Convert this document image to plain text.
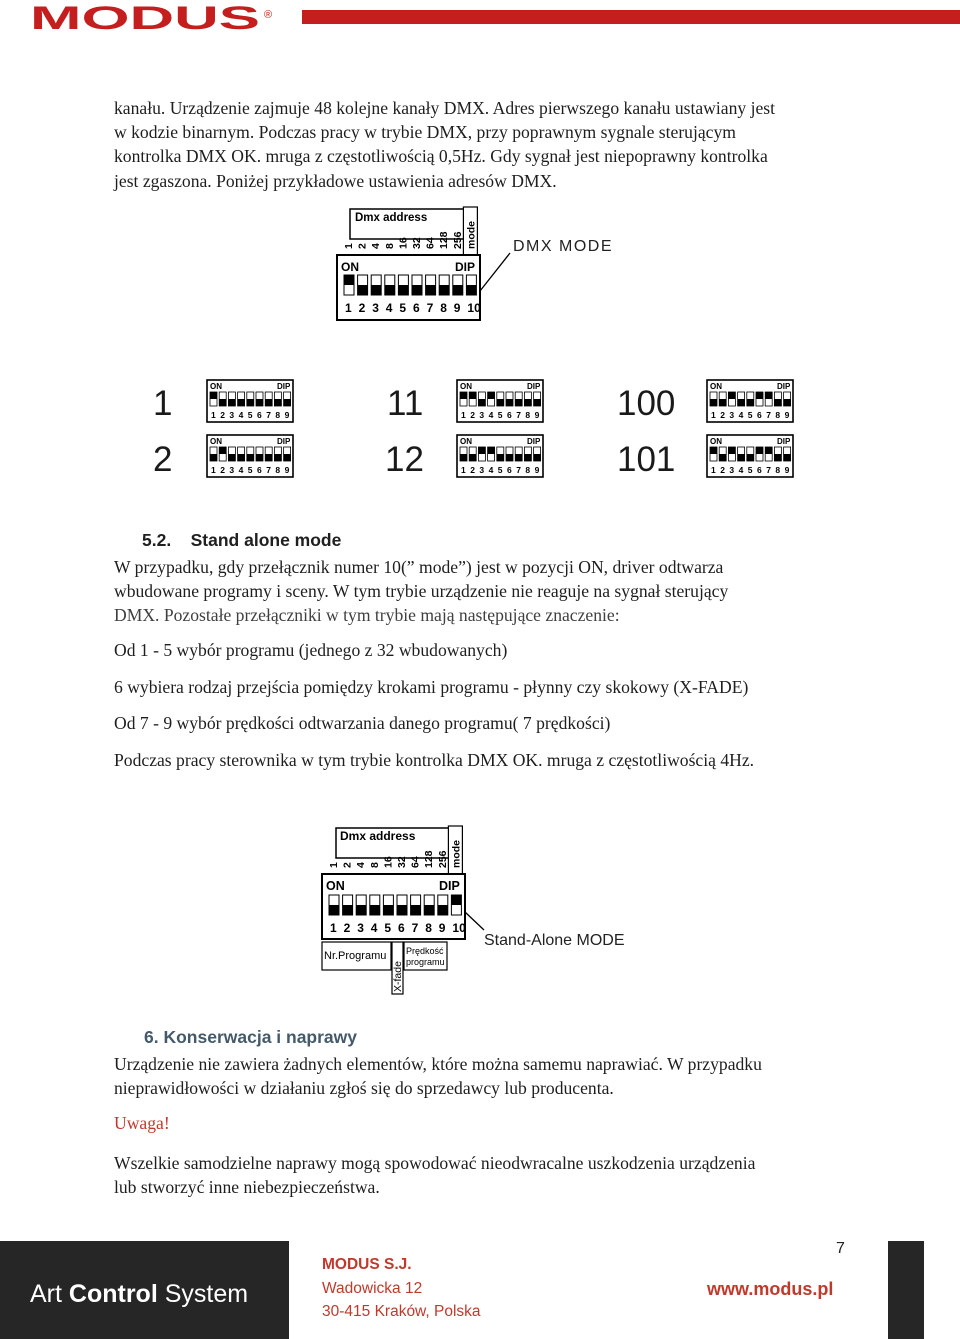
MODUS ®
kanału. Urządzenie zajmuje 48 kolejne kanały DMX. Adres pierwszego kanału ustawiany jest
w kodzie binarnym. Podczas pracy w trybie DMX, przy poprawnym sygnale sterującym
kontrolka DMX OK. mruga z częstotliwością 0,5Hz. Gdy sygnał jest niepoprawny kontrolka
jest zgaszona. Poniżej przykładowe ustawienia adresów DMX.
Dmx address
1 2 4 8 16 32 64 128 256 mode
ON	DIP
1 2 3 4 5 6 7 8 9 10
DMX MODE
1
2
11
12
100
101
ON	DIP
1 2 3 4 5 6 7 8 9
ON	DIP
1 2 3 4 5 6 7 8 9
ON	DIP
1 2 3 4 5 6 7 8 9
ON	DIP
1 2 3 4 5 6 7 8 9
ON	DIP
1 2 3 4 5 6 7 8 9
ON	DIP
1 2 3 4 5 6 7 8 9
5.2.    Stand alone mode
W przypadku, gdy przełącznik numer 10(” mode”) jest w pozycji ON, driver odtwarza
wbudowane programy i sceny. W tym trybie urządzenie nie reaguje na sygnał sterujący
DMX. Pozostałe przełączniki w tym trybie mają następujące znaczenie:
Od 1 - 5 wybór programu (jednego z 32 wbudowanych)
6 wybiera rodzaj przejścia pomiędzy krokami programu - płynny czy skokowy (X-FADE)
Od 7 - 9 wybór prędkości odtwarzania danego programu( 7 prędkości)
Podczas pracy sterownika w tym trybie kontrolka DMX OK. mruga z częstotliwością 4Hz.
Dmx address
1 2 4 8 16 32 64 128 256 mode
ON	DIP
1 2 3 4 5 6 7 8 9 10
Stand-Alone MODE
Nr.Programu
X-fade
Prędkość
programu
6. Konserwacja i naprawy
Urządzenie nie zawiera żadnych elementów, które można samemu naprawiać. W przypadku
nieprawidłowości w działaniu zgłoś się do sprzedawcy lub producenta.
Uwaga!
Wszelkie samodzielne naprawy mogą spowodować nieodwracalne uszkodzenia urządzenia
lub stworzyć inne niebezpieczeństwa.
Art Control System
MODUS S.J.
Wadowicka 12
30-415 Kraków, Polska
www.modus.pl
7
